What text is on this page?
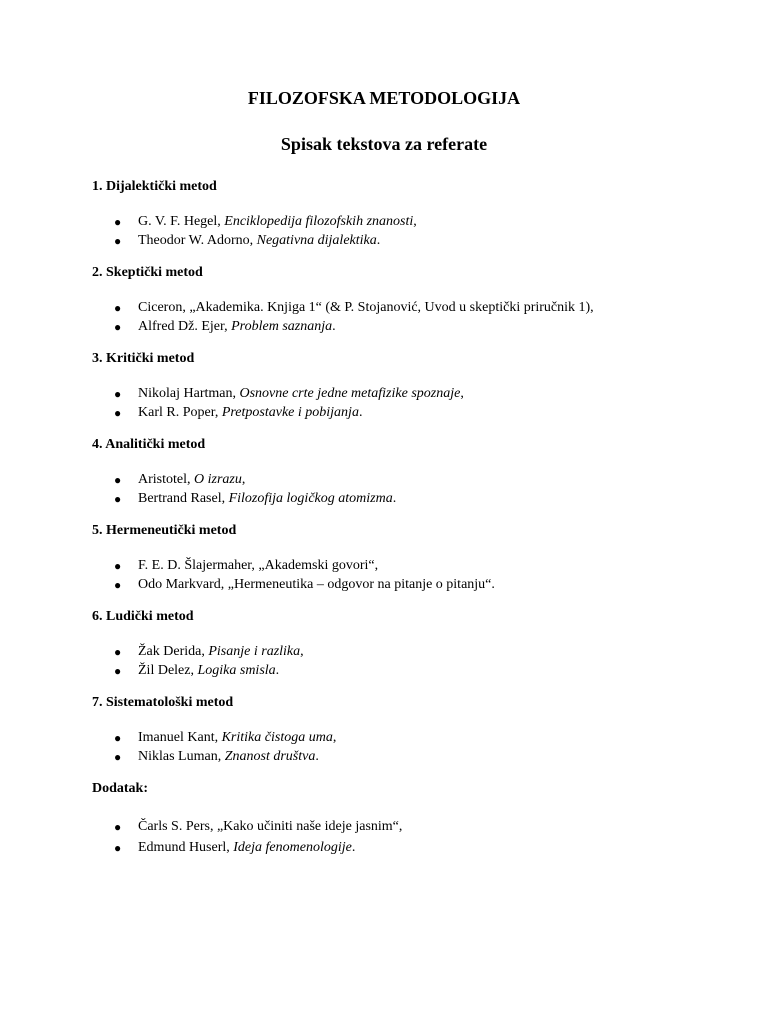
FILOZOFSKA METODOLOGIJA
Spisak tekstova za referate
1. Dijalektički metod
● G. V. F. Hegel, Enciklopedija filozofskih znanosti,
● Theodor W. Adorno, Negativna dijalektika.
2. Skeptički metod
● Ciceron, „Akademika. Knjiga 1“ (& P. Stojanović, Uvod u skeptički priručnik 1),
● Alfred Dž. Ejer, Problem saznanja.
3. Kritički metod
● Nikolaj Hartman, Osnovne crte jedne metafizike spoznaje,
● Karl R. Poper, Pretpostavke i pobijanja.
4. Analitički metod
● Aristotel, O izrazu,
● Bertrand Rasel, Filozofija logičkog atomizma.
5. Hermeneutički metod
● F. E. D. Šlajermaher, „Akademski govori“,
● Odo Markvard, „Hermeneutika – odgovor na pitanje o pitanju“.
6. Ludički metod
● Žak Derida, Pisanje i razlika,
● Žil Delez, Logika smisla.
7. Sistematološki metod
● Imanuel Kant, Kritika čistoga uma,
● Niklas Luman, Znanost društva.
Dodatak:
● Čarls S. Pers, „Kako učiniti naše ideje jasnim“,
● Edmund Huserl, Ideja fenomenologije.
